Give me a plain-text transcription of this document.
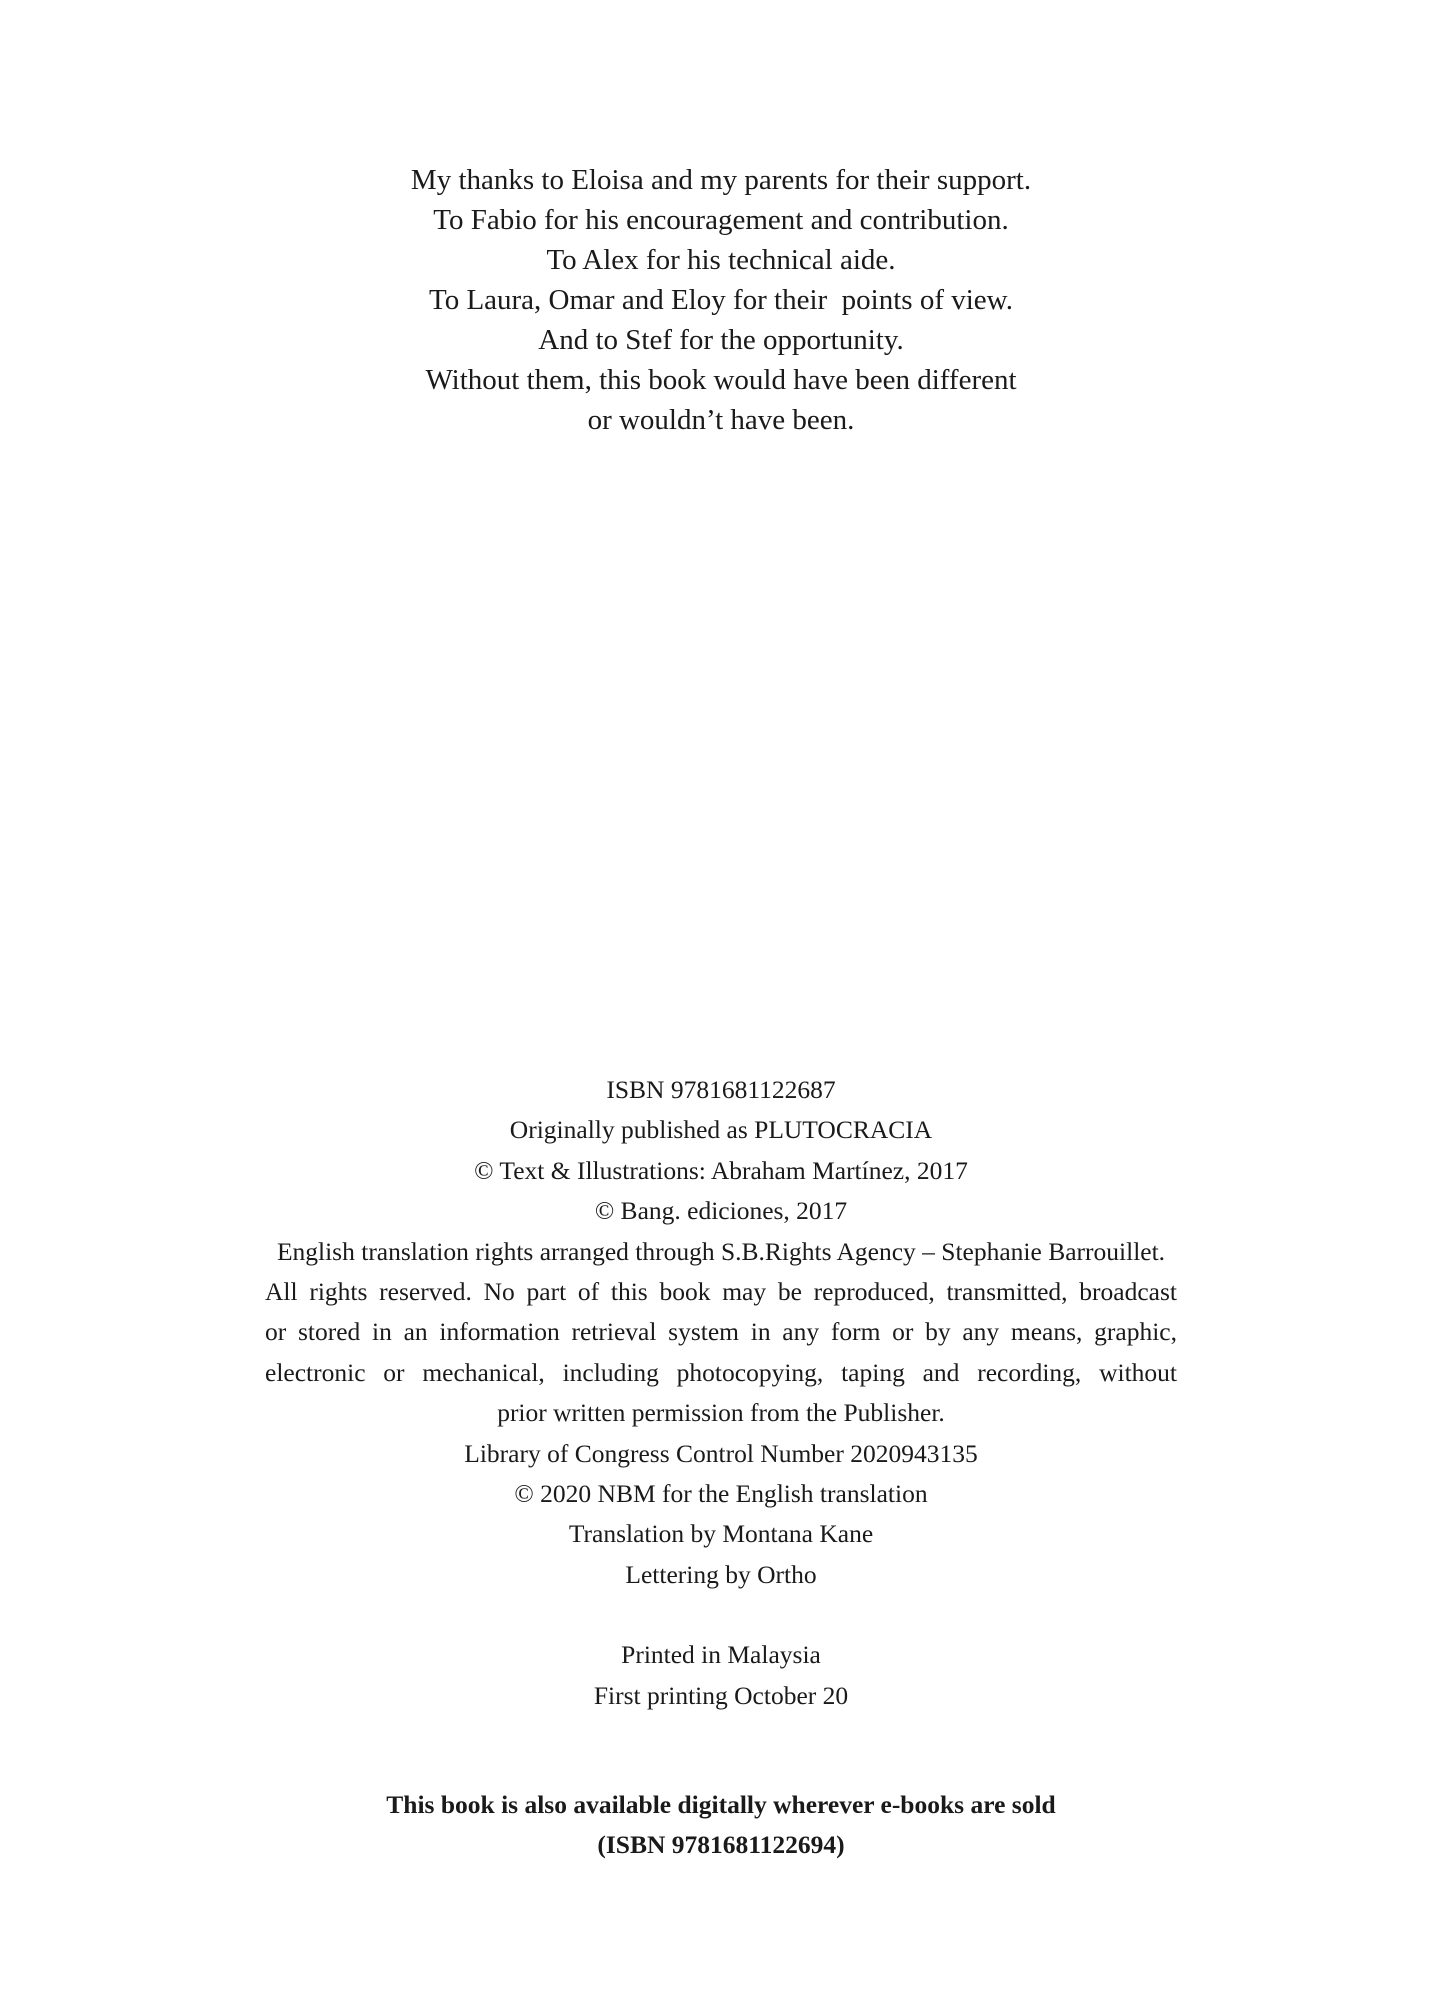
My thanks to Eloisa and my parents for their support.
To Fabio for his encouragement and contribution.
To Alex for his technical aide.
To Laura, Omar and Eloy for their  points of view.
And to Stef for the opportunity.
Without them, this book would have been different
or wouldn’t have been.
ISBN 9781681122687
Originally published as PLUTOCRACIA
© Text & Illustrations: Abraham Martínez, 2017
© Bang. ediciones, 2017
English translation rights arranged through S.B.Rights Agency – Stephanie Barrouillet.
All rights reserved. No part of this book may be reproduced, transmitted, broadcast
or stored in an information retrieval system in any form or by any means, graphic,
electronic or mechanical, including photocopying, taping and recording, without
prior written permission from the Publisher.
Library of Congress Control Number 2020943135
© 2020 NBM for the English translation
Translation by Montana Kane
Lettering by Ortho
Printed in Malaysia
First printing October 20
This book is also available digitally wherever e-books are sold
(ISBN 9781681122694)
